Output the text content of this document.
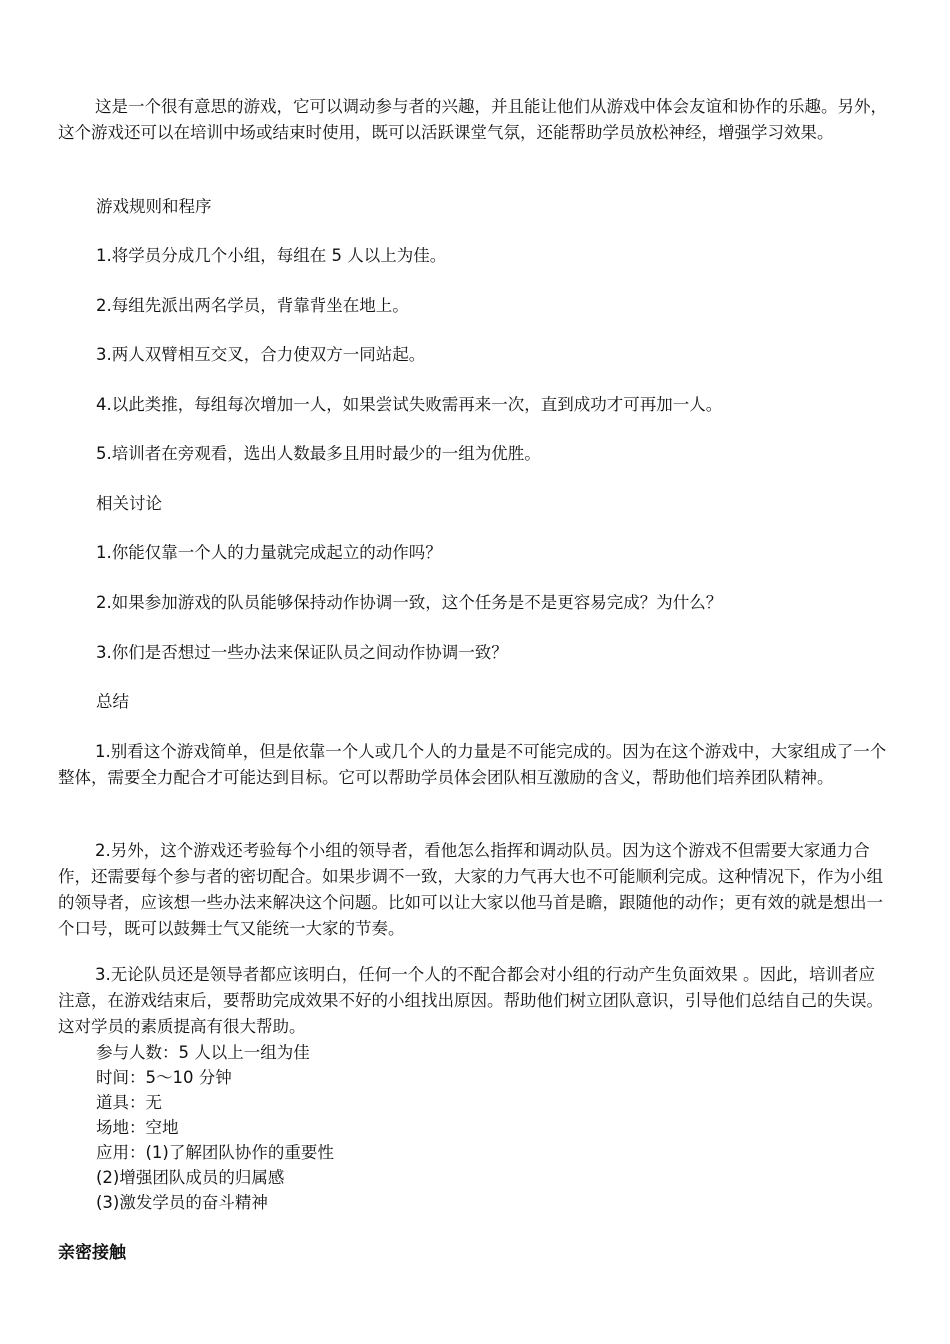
这是一个很有意思的游戏，它可以调动参与者的兴趣，并且能让他们从游戏中体会友谊和协作的乐趣。另外，这个游戏还可以在培训中场或结束时使用，既可以活跃课堂气氛，还能帮助学员放松神经，增强学习效果。

游戏规则和程序

1.将学员分成几个小组，每组在 5 人以上为佳。

2.每组先派出两名学员，背靠背坐在地上。

3.两人双臂相互交叉，合力使双方一同站起。

4.以此类推，每组每次增加一人，如果尝试失败需再来一次，直到成功才可再加一人。

5.培训者在旁观看，选出人数最多且用时最少的一组为优胜。

相关讨论

1.你能仅靠一个人的力量就完成起立的动作吗？

2.如果参加游戏的队员能够保持动作协调一致，这个任务是不是更容易完成？为什么？

3.你们是否想过一些办法来保证队员之间动作协调一致？

总结

1.别看这个游戏简单，但是依靠一个人或几个人的力量是不可能完成的。因为在这个游戏中，大家组成了一个整体，需要全力配合才可能达到目标。它可以帮助学员体会团队相互激励的含义，帮助他们培养团队精神。

2.另外，这个游戏还考验每个小组的领导者，看他怎么指挥和调动队员。因为这个游戏不但需要大家通力合作，还需要每个参与者的密切配合。如果步调不一致，大家的力气再大也不可能顺利完成。这种情况下，作为小组的领导者，应该想一些办法来解决这个问题。比如可以让大家以他马首是瞻，跟随他的动作；更有效的就是想出一个口号，既可以鼓舞士气又能统一大家的节奏。

3.无论队员还是领导者都应该明白，任何一个人的不配合都会对小组的行动产生负面效果 。因此，培训者应注意，在游戏结束后，要帮助完成效果不好的小组找出原因。帮助他们树立团队意识，引导他们总结自己的失误。这对学员的素质提高有很大帮助。

参与人数：5 人以上一组为佳

时间：5～10 分钟

道具：无

场地：空地

应用：(1)了解团队协作的重要性

(2)增强团队成员的归属感

(3)激发学员的奋斗精神

亲密接触
